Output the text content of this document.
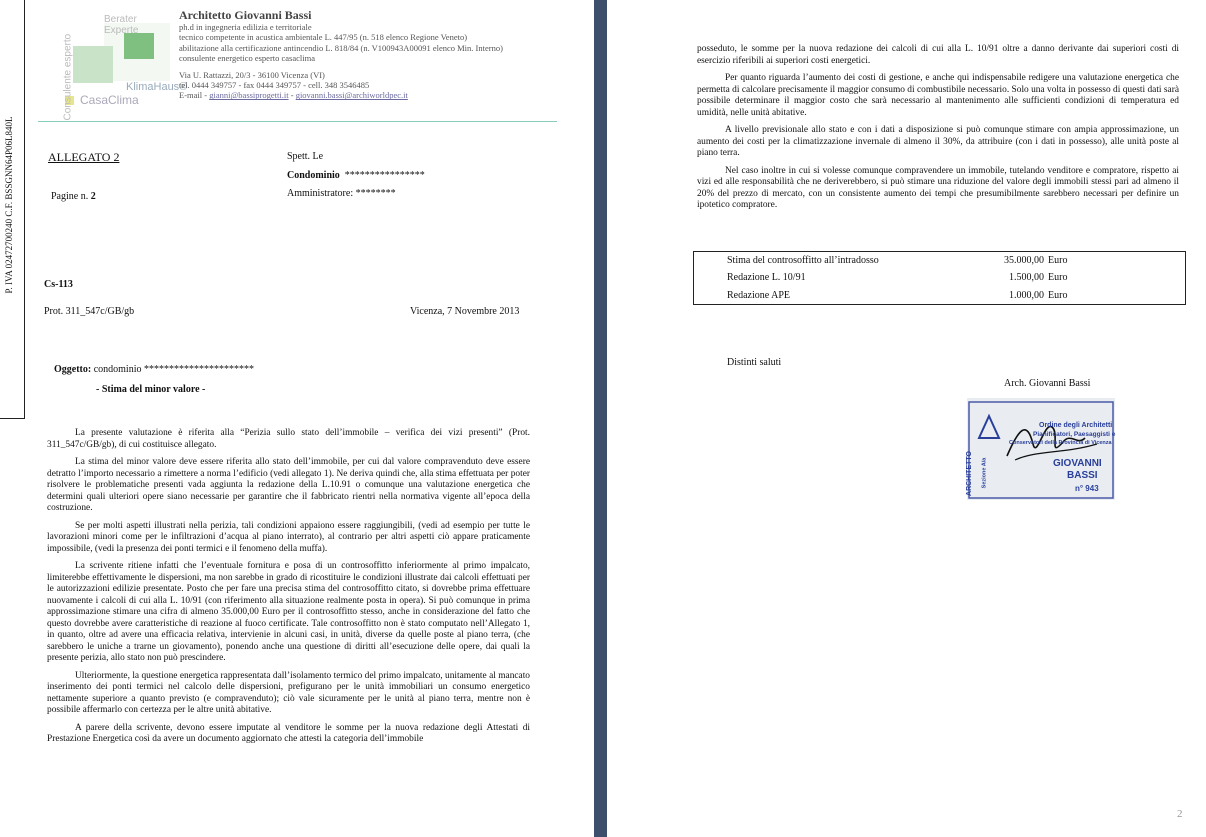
P. IVA 02472700240 C.F. BSSGNN64P06L840L
Berater Experte
Consulente esperto	KlimaHaus®
CasaClima
Architetto Giovanni Bassi
ph.d in ingegneria edilizia e territoriale
tecnico competente in acustica ambientale L. 447/95 (n. 518 elenco Regione Veneto)
abilitazione alla certificazione antincendio L. 818/84 (n. V100943A00091 elenco Min. Interno)
consulente energetico esperto casaclima
Via U. Rattazzi, 20/3 - 36100 Vicenza (VI)
tel. 0444 349757 - fax 0444 349757 - cell. 348 3546485
E-mail - gianni@bassiprogetti.it - giovanni.bassi@archiworldpec.it
ALLEGATO 2
Pagine n. 2
Spett. Le
Condominio ****************
Amministratore: ********
Cs-113
Prot. 311_547c/GB/gb	Vicenza, 7 Novembre 2013
Oggetto: condominio **********************
- Stima del minor valore -

La presente valutazione è riferita alla “Perizia sullo stato dell’immobile – verifica dei vizi presenti” (Prot. 311_547c/GB/gb), di cui costituisce allegato.

La stima del minor valore deve essere riferita allo stato dell’immobile, per cui dal valore compravenduto deve essere detratto l’importo necessario a rimettere a norma l’edificio (vedi allegato 1). Ne deriva quindi che, alla stima effettuata per poter risolvere le problematiche presenti vada aggiunta la redazione della L.10.91 o comunque una valutazione energetica che determini quali ulteriori opere siano necessarie per garantire che il fabbricato rientri nella normativa vigente all’epoca della costruzione.

Se per molti aspetti illustrati nella perizia, tali condizioni appaiono essere raggiungibili, (vedi ad esempio per tutte le lavorazioni minori come per le infiltrazioni d’acqua al piano interrato), al contrario per altri aspetti ciò appare praticamente impossibile, (vedi la presenza dei ponti termici e il fenomeno della muffa).

La scrivente ritiene infatti che l’eventuale fornitura e posa di un controsoffitto inferiormente al primo impalcato, limiterebbe effettivamente le dispersioni, ma non sarebbe in grado di ricostituire le condizioni illustrate dai calcoli effettuati per le autorizzazioni edilizie presentate. Posto che per fare una precisa stima del controsoffitto citato, si dovrebbe prima effettuare nuovamente i calcoli di cui alla L. 10/91 (con riferimento alla situazione realmente posta in opera). Si può comunque in prima approssimazione stimare una cifra di almeno 35.000,00 Euro per il controsoffitto stesso, anche in considerazione del fatto che questo dovrebbe avere caratteristiche di reazione al fuoco certificate. Tale controsoffitto non è stato computato nell’Allegato 1, in quanto, oltre ad avere una efficacia relativa, intervienie in alcuni casi, in unità, diverse da quelle poste al piano terra, (che sarebbero le uniche a trarne un giovamento), ponendo anche una questione di diritti all’esecuzione delle opere, dai quali la presente perizia, allo stato non può prescindere.

Ulteriormente, la questione energetica rappresentata dall’isolamento termico del primo impalcato, unitamente al mancato inserimento dei ponti termici nel calcolo delle dispersioni, prefigurano per le unità immobiliari un consumo energetico nettamente superiore a quanto previsto (e compravenduto); ciò vale sicuramente per le unità al piano terra, mentre non è possibile affermarlo con certezza per le altre unità abitative.

A parere della scrivente, devono essere imputate al venditore le somme per la nuova redazione degli Attestati di Prestazione Energetica così da avere un documento aggiornato che attesti la categoria dell’immobile

posseduto, le somme per la nuova redazione dei calcoli di cui alla L. 10/91 oltre a danno derivante dai superiori costi di esercizio riferibili ai superiori costi energetici.

Per quanto riguarda l’aumento dei costi di gestione, e anche qui indispensabile redigere una valutazione energetica che permetta di calcolare precisamente il maggior consumo di combustibile necessario. Solo una volta in possesso di questi dati sarà possibile determinare il maggior costo che sarà necessario al mantenimento alle sufficienti condizioni di temperatura ed umidità, nelle unità abitative.

A livello previsionale allo stato e con i dati a disposizione si può comunque stimare con ampia approssimazione, un aumento dei costi per la climatizzazione invernale di almeno il 30%, da attribuire (con i dati in possesso), alle unità poste al piano terra.

Nel caso inoltre in cui si volesse comunque compravendere un immobile, tutelando venditore e compratore, rispetto ai vizi ed alle responsabilità che ne deriverebbero, si può stimare una riduzione del valore degli immobili stessi pari ad almeno il 20% del prezzo di mercato, con un consistente aumento dei tempi che presumibilmente sarebbero necessari per definire un ipotetico compratore.

Stima del controsoffitto all’intradosso	35.000,00 Euro
Redazione L. 10/91	1.500,00 Euro
Redazione APE	1.000,00 Euro
Distinti saluti
Arch. Giovanni Bassi
Ordine degli Architetti
Pianificatori, Paesaggisti e
Conservatori della Provincia di Vicenza
ARCHITETTO Sezione A/a	GIOVANNI
BASSI
n° 943
2
